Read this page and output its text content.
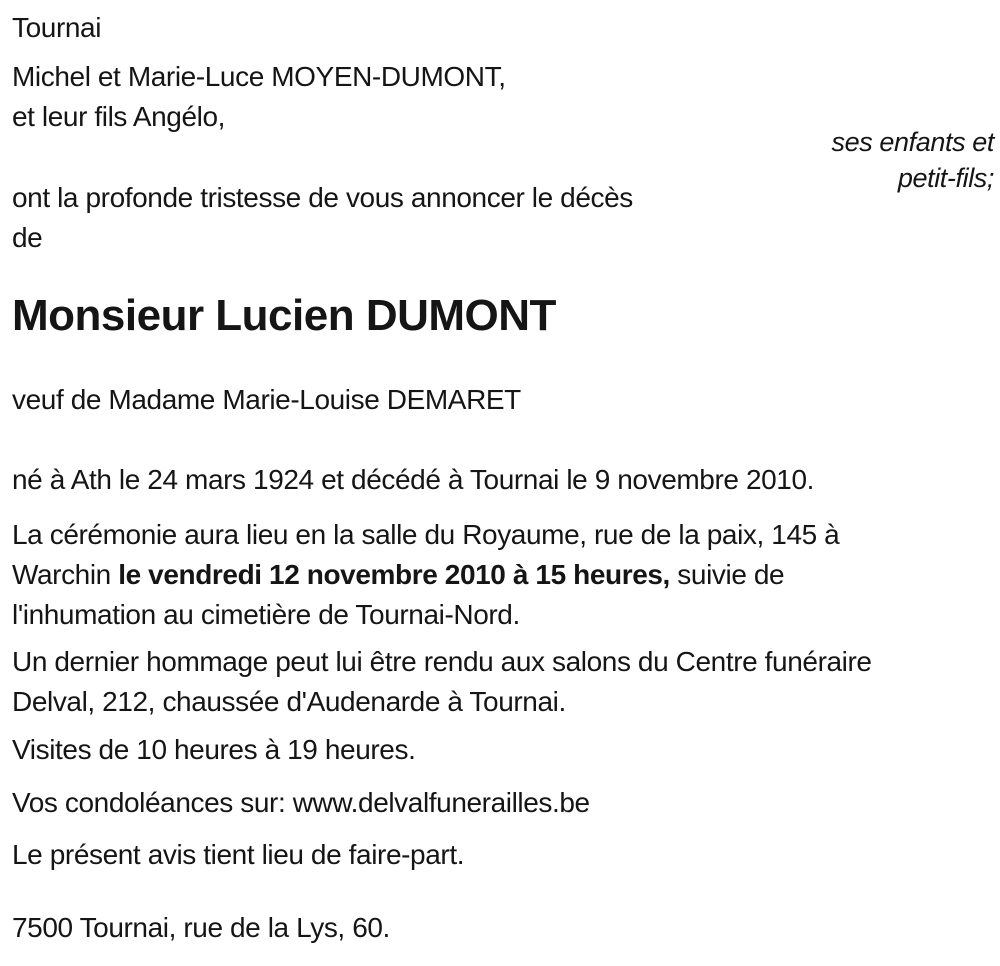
Tournai

Michel et Marie-Luce MOYEN-DUMONT,
et leur fils Angélo,

ses enfants et
petit-fils;

ont la profonde tristesse de vous annoncer le décès
de

Monsieur Lucien DUMONT

veuf de Madame Marie-Louise DEMARET

né à Ath le 24 mars 1924 et décédé à Tournai le 9 novembre 2010.

La cérémonie aura lieu en la salle du Royaume, rue de la paix, 145 à
Warchin le vendredi 12 novembre 2010 à 15 heures, suivie de
l'inhumation au cimetière de Tournai-Nord.

Un dernier hommage peut lui être rendu aux salons du Centre funéraire
Delval, 212, chaussée d'Audenarde à Tournai.

Visites de 10 heures à 19 heures.

Vos condoléances sur: www.delvalfunerailles.be

Le présent avis tient lieu de faire-part.

7500 Tournai, rue de la Lys, 60.
